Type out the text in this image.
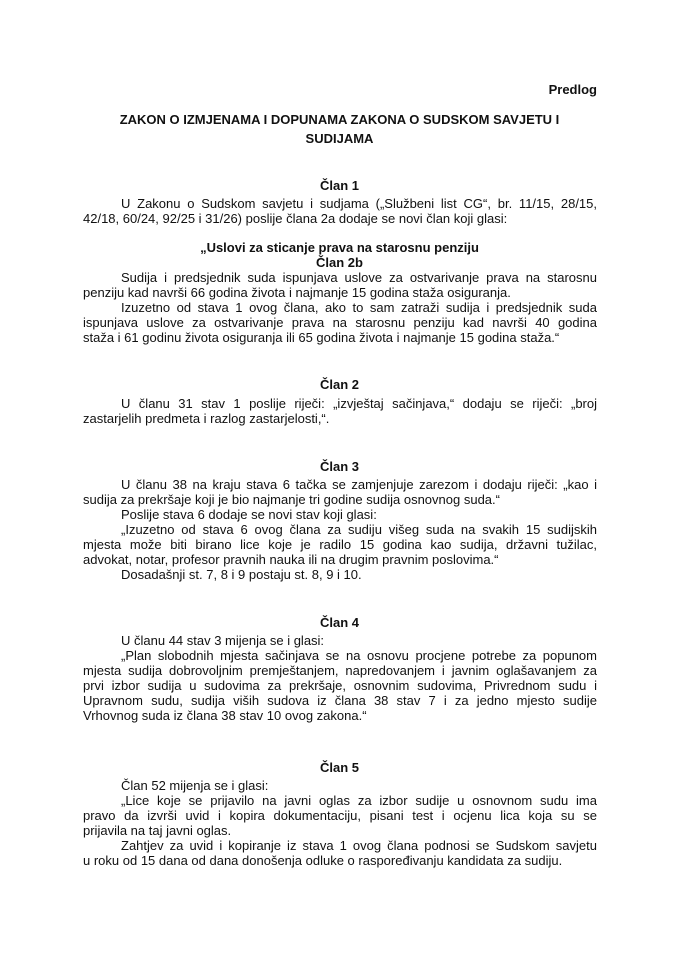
Predlog
ZAKON O IZMJENAMA I DOPUNAMA ZAKONA O SUDSKOM SAVJETU I
SUDIJAMA
Član 1
U Zakonu o Sudskom savjetu i sudjama („Službeni list CG“, br. 11/15, 28/15,
42/18, 60/24, 92/25 i 31/26) poslije člana 2a dodaje se novi član koji glasi:
„Uslovi za sticanje prava na starosnu penziju
Član 2b
Sudija i predsjednik suda ispunjava uslove za ostvarivanje prava na starosnu
penziju kad navrši 66 godina života i najmanje 15 godina staža osiguranja.
Izuzetno od stava 1 ovog člana, ako to sam zatraži sudija i predsjednik suda
ispunjava uslove za ostvarivanje prava na starosnu penziju kad navrši 40 godina
staža i 61 godinu života osiguranja ili 65 godina života i najmanje 15 godina staža.“
Član 2
U članu 31 stav 1 poslije riječi: „izvještaj sačinjava,“ dodaju se riječi: „broj
zastarjelih predmeta i razlog zastarjelosti,“.
Član 3
U članu 38 na kraju stava 6 tačka se zamjenjuje zarezom i dodaju riječi: „kao i
sudija za prekršaje koji je bio najmanje tri godine sudija osnovnog suda.“
Poslije stava 6 dodaje se novi stav koji glasi:
„Izuzetno od stava 6 ovog člana za sudiju višeg suda na svakih 15 sudijskih
mjesta može biti birano lice koje je radilo 15 godina kao sudija, državni tužilac,
advokat, notar, profesor pravnih nauka ili na drugim pravnim poslovima.“
Dosadašnji st. 7, 8 i 9 postaju st. 8, 9 i 10.
Član 4
U članu 44 stav 3 mijenja se i glasi:
„Plan slobodnih mjesta sačinjava se na osnovu procjene potrebe za popunom
mjesta sudija dobrovoljnim premještanjem, napredovanjem i javnim oglašavanjem za
prvi izbor sudija u sudovima za prekršaje, osnovnim sudovima, Privrednom sudu i
Upravnom sudu, sudija viših sudova iz člana 38 stav 7 i za jedno mjesto sudije
Vrhovnog suda iz člana 38 stav 10 ovog zakona.“
Član 5
Član 52 mijenja se i glasi:
„Lice koje se prijavilo na javni oglas za izbor sudije u osnovnom sudu ima
pravo da izvrši uvid i kopira dokumentaciju, pisani test i ocjenu lica koja su se
prijavila na taj javni oglas.
Zahtjev za uvid i kopiranje iz stava 1 ovog člana podnosi se Sudskom savjetu
u roku od 15 dana od dana donošenja odluke o raspoređivanju kandidata za sudiju.
